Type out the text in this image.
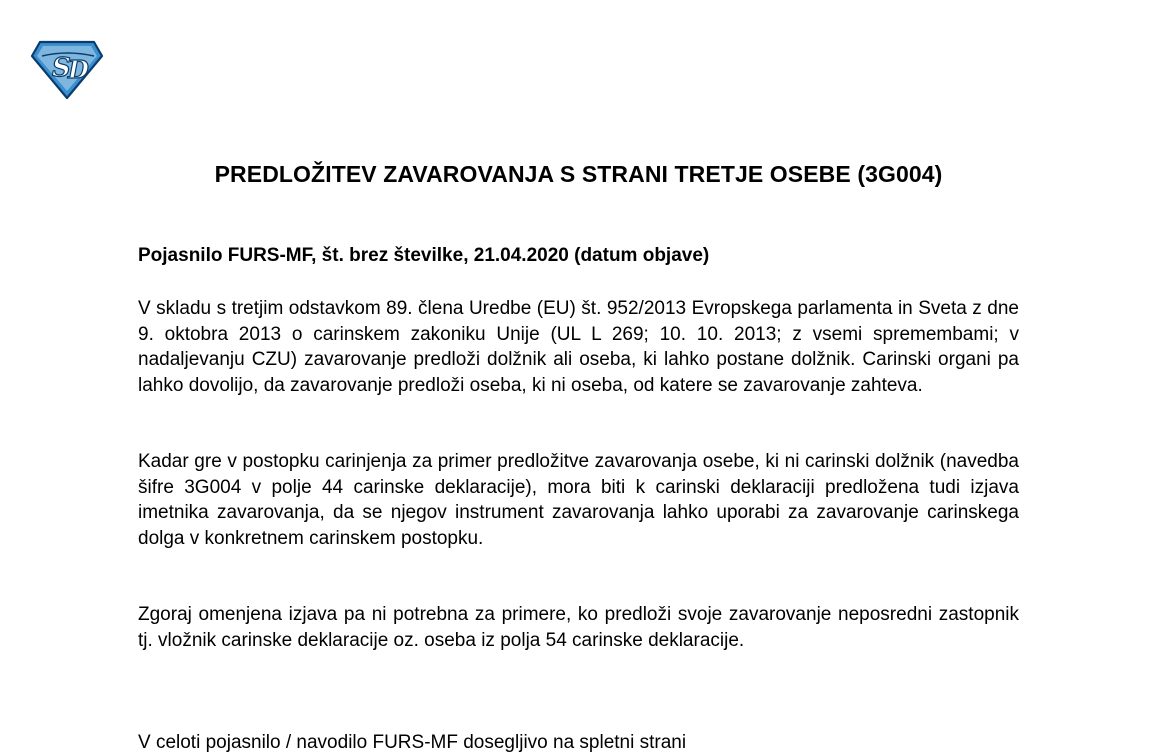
S
D
PREDLOŽITEV ZAVAROVANJA S STRANI TRETJE OSEBE (3G004)

Pojasnilo FURS-MF, št. brez številke, 21.04.2020 (datum objave)

V skladu s tretjim odstavkom 89. člena Uredbe (EU) št. 952/2013 Evropskega parlamenta in Sveta z dne 9. oktobra 2013 o carinskem zakoniku Unije (UL L 269; 10. 10. 2013; z vsemi spremembami; v nadaljevanju CZU) zavarovanje predloži dolžnik ali oseba, ki lahko postane dolžnik. Carinski organi pa lahko dovolijo, da zavarovanje predloži oseba, ki ni oseba, od katere se zavarovanje zahteva.

Kadar gre v postopku carinjenja za primer predložitve zavarovanja osebe, ki ni carinski dolžnik (navedba šifre 3G004 v polje 44 carinske deklaracije), mora biti k carinski deklaraciji predložena tudi izjava imetnika zavarovanja, da se njegov instrument zavarovanja lahko uporabi za zavarovanje carinskega dolga v konkretnem carinskem postopku.

Zgoraj omenjena izjava pa ni potrebna za primere, ko predloži svoje zavarovanje neposredni zastopnik tj. vložnik carinske deklaracije oz. oseba iz polja 54 carinske deklaracije.

V celoti pojasnilo / navodilo FURS-MF dosegljivo na spletni strani
